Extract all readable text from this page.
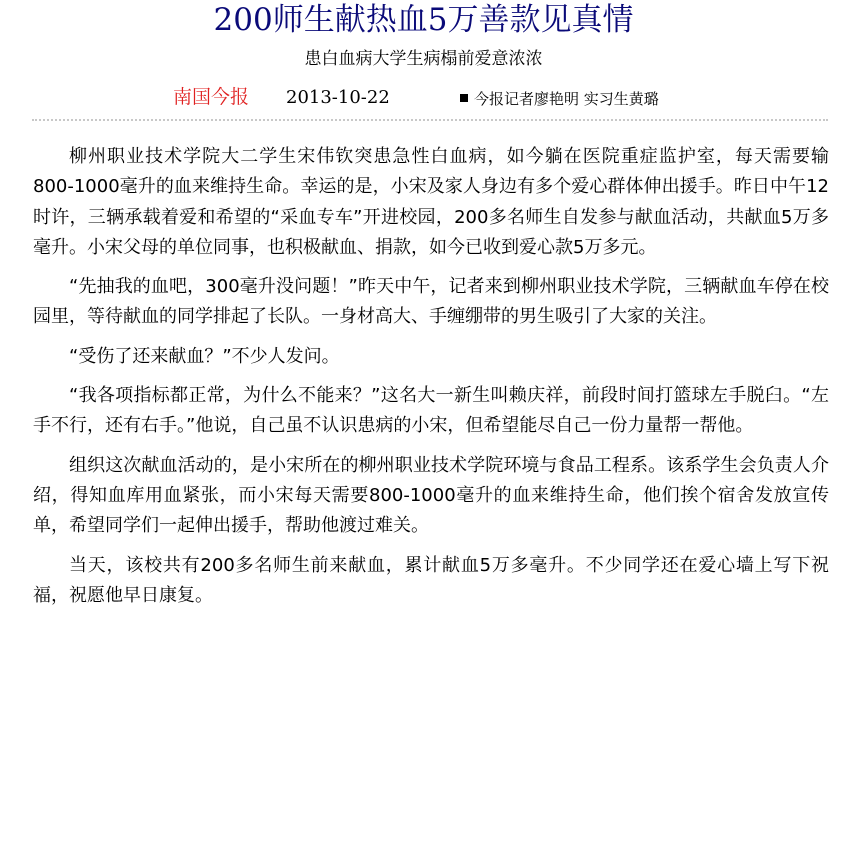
200师生献热血5万善款见真情
患白血病大学生病榻前爱意浓浓
南国今报 2013-10-22	今报记者廖艳明 实习生黄璐

柳州职业技术学院大二学生宋伟钦突患急性白血病，如今躺在医院重症监护室，每天需要输800-1000毫升的血来维持生命。幸运的是，小宋及家人身边有多个爱心群体伸出援手。昨日中午12时许，三辆承载着爱和希望的“采血专车”开进校园，200多名师生自发参与献血活动，共献血5万多毫升。小宋父母的单位同事，也积极献血、捐款，如今已收到爱心款5万多元。

“先抽我的血吧，300毫升没问题！”昨天中午，记者来到柳州职业技术学院，三辆献血车停在校园里，等待献血的同学排起了长队。一身材高大、手缠绷带的男生吸引了大家的关注。

“受伤了还来献血？”不少人发问。

“我各项指标都正常，为什么不能来？”这名大一新生叫赖庆祥，前段时间打篮球左手脱臼。“左手不行，还有右手。”他说，自己虽不认识患病的小宋，但希望能尽自己一份力量帮一帮他。

组织这次献血活动的，是小宋所在的柳州职业技术学院环境与食品工程系。该系学生会负责人介绍，得知血库用血紧张，而小宋每天需要800-1000毫升的血来维持生命，他们挨个宿舍发放宣传单，希望同学们一起伸出援手，帮助他渡过难关。

当天，该校共有200多名师生前来献血，累计献血5万多毫升。不少同学还在爱心墙上写下祝福，祝愿他早日康复。
